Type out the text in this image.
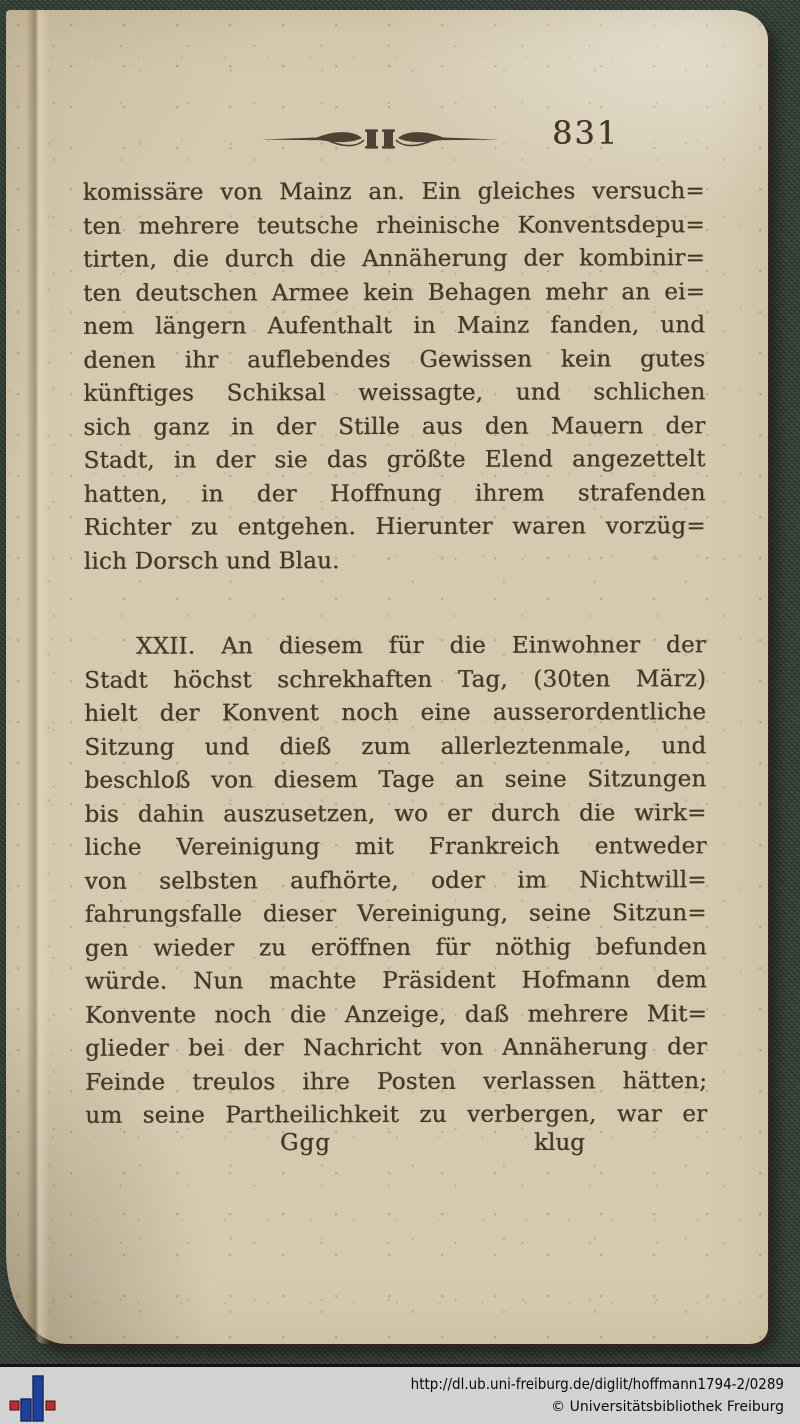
831
komissäre von Mainz an. Ein gleiches versuch=
ten mehrere teutsche rheinische Konventsdepu=
tirten, die durch die Annäherung der kombinir=
ten deutschen Armee kein Behagen mehr an ei=
nem längern Aufenthalt in Mainz fanden, und
denen ihr auflebendes Gewissen kein gutes
künftiges Schiksal weissagte, und schlichen
sich ganz in der Stille aus den Mauern der
Stadt, in der sie das größte Elend angezettelt
hatten, in der Hoffnung ihrem strafenden
Richter zu entgehen. Hierunter waren vorzüg=
lich Dorsch und Blau.
XXII. An diesem für die Einwohner der
Stadt höchst schrekhaften Tag, (30ten März)
hielt der Konvent noch eine ausserordentliche
Sitzung und dieß zum allerleztenmale, und
beschloß von diesem Tage an seine Sitzungen
bis dahin auszusetzen, wo er durch die wirk=
liche Vereinigung mit Frankreich entweder
von selbsten aufhörte, oder im Nichtwill=
fahrungsfalle dieser Vereinigung, seine Sitzun=
gen wieder zu eröffnen für nöthig befunden
würde. Nun machte Präsident Hofmann dem
Konvente noch die Anzeige, daß mehrere Mit=
glieder bei der Nachricht von Annäherung der
Feinde treulos ihre Posten verlassen hätten;
um seine Partheilichkeit zu verbergen, war er
Ggg	klug
http://dl.ub.uni-freiburg.de/diglit/hoffmann1794-2/0289
© Universitätsbibliothek Freiburg
